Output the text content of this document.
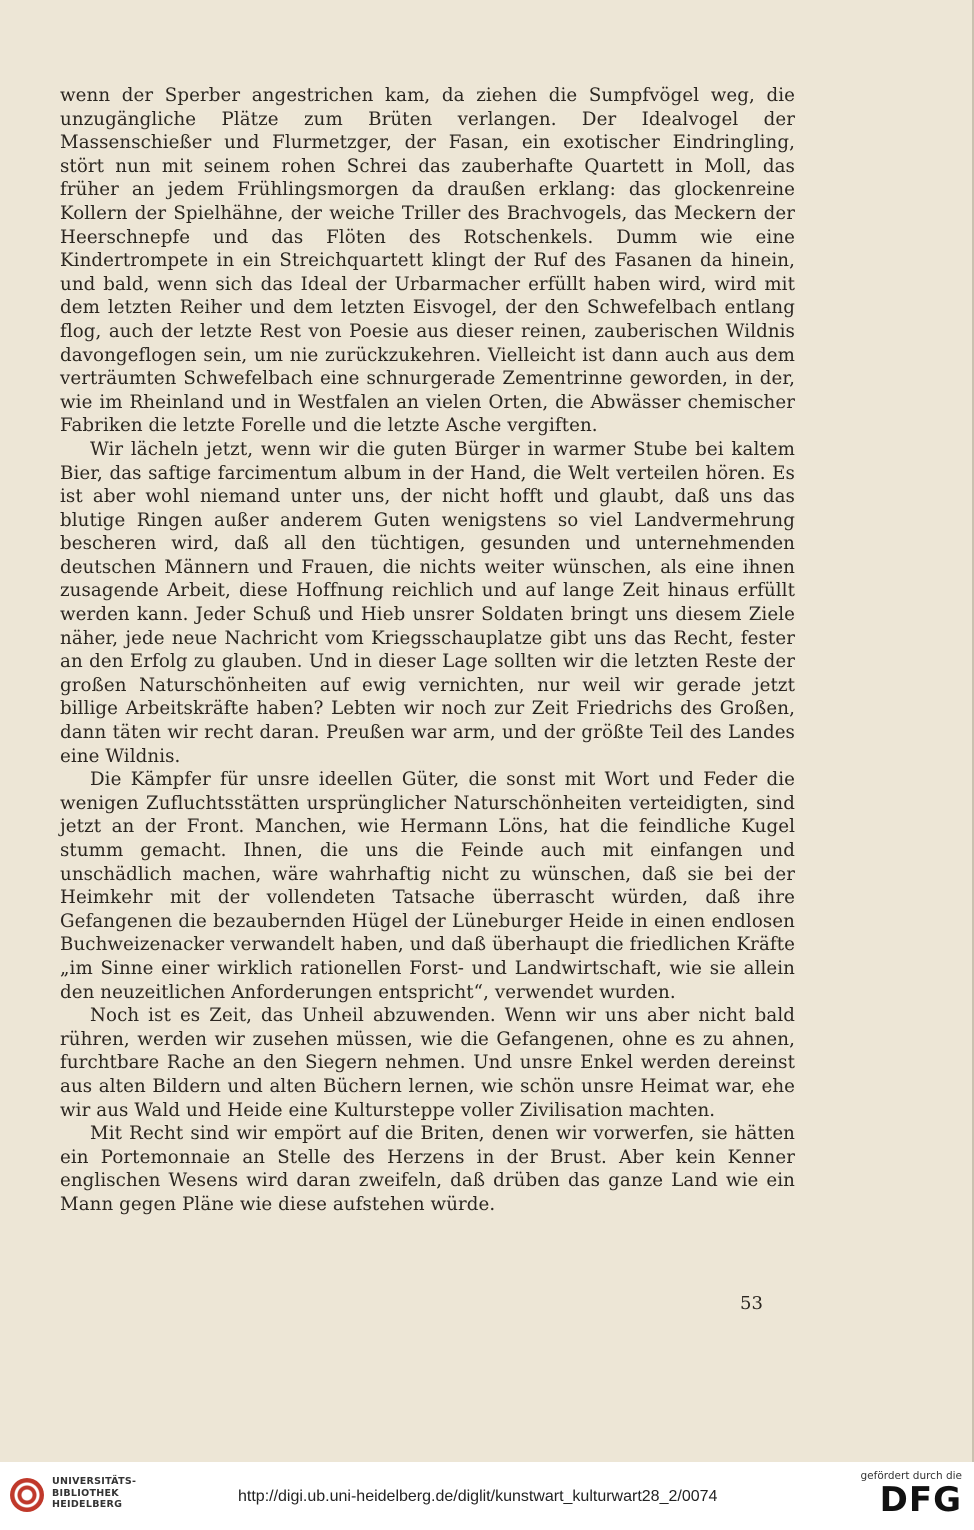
wenn der Sperber angestrichen kam, da ziehen die Sumpfvögel weg, die unzugängliche Plätze zum Brüten verlangen. Der Idealvogel der Massenschießer und Flurmetzger, der Fasan, ein exotischer Eindringling, stört nun mit seinem rohen Schrei das zauberhafte Quartett in Moll, das früher an jedem Frühlingsmorgen da draußen erklang: das glockenreine Kollern der Spielhähne, der weiche Triller des Brachvogels, das Meckern der Heerschnepfe und das Flöten des Rotschenkels. Dumm wie eine Kindertrompete in ein Streichquartett klingt der Ruf des Fasanen da hinein, und bald, wenn sich das Ideal der Urbarmacher erfüllt haben wird, wird mit dem letzten Reiher und dem letzten Eisvogel, der den Schwefelbach entlang flog, auch der letzte Rest von Poesie aus dieser reinen, zauberischen Wildnis davongeflogen sein, um nie zurückzukehren. Vielleicht ist dann auch aus dem verträumten Schwefelbach eine schnurgerade Zementrinne geworden, in der, wie im Rheinland und in Westfalen an vielen Orten, die Abwässer chemischer Fabriken die letzte Forelle und die letzte Asche vergiften.

Wir lächeln jetzt, wenn wir die guten Bürger in warmer Stube bei kaltem Bier, das saftige farcimentum album in der Hand, die Welt verteilen hören. Es ist aber wohl niemand unter uns, der nicht hofft und glaubt, daß uns das blutige Ringen außer anderem Guten wenigstens so viel Landvermehrung bescheren wird, daß all den tüchtigen, gesunden und unternehmenden deutschen Männern und Frauen, die nichts weiter wünschen, als eine ihnen zusagende Arbeit, diese Hoffnung reichlich und auf lange Zeit hinaus erfüllt werden kann. Jeder Schuß und Hieb unsrer Soldaten bringt uns diesem Ziele näher, jede neue Nachricht vom Kriegsschauplatze gibt uns das Recht, fester an den Erfolg zu glauben. Und in dieser Lage sollten wir die letzten Reste der großen Naturschönheiten auf ewig vernichten, nur weil wir gerade jetzt billige Arbeitskräfte haben? Lebten wir noch zur Zeit Friedrichs des Großen, dann täten wir recht daran. Preußen war arm, und der größte Teil des Landes eine Wildnis.

Die Kämpfer für unsre ideellen Güter, die sonst mit Wort und Feder die wenigen Zufluchtsstätten ursprünglicher Naturschönheiten verteidigten, sind jetzt an der Front. Manchen, wie Hermann Löns, hat die feindliche Kugel stumm gemacht. Ihnen, die uns die Feinde auch mit einfangen und unschädlich machen, wäre wahrhaftig nicht zu wünschen, daß sie bei der Heimkehr mit der vollendeten Tatsache überrascht würden, daß ihre Gefangenen die bezaubernden Hügel der Lüneburger Heide in einen endlosen Buchweizenacker verwandelt haben, und daß überhaupt die friedlichen Kräfte „im Sinne einer wirklich rationellen Forst- und Landwirtschaft, wie sie allein den neuzeitlichen Anforderungen entspricht“, verwendet wurden.

Noch ist es Zeit, das Unheil abzuwenden. Wenn wir uns aber nicht bald rühren, werden wir zusehen müssen, wie die Gefangenen, ohne es zu ahnen, furchtbare Rache an den Siegern nehmen. Und unsre Enkel werden dereinst aus alten Bildern und alten Büchern lernen, wie schön unsre Heimat war, ehe wir aus Wald und Heide eine Kultursteppe voller Zivilisation machten.

Mit Recht sind wir empört auf die Briten, denen wir vorwerfen, sie hätten ein Portemonnaie an Stelle des Herzens in der Brust. Aber kein Kenner englischen Wesens wird daran zweifeln, daß drüben das ganze Land wie ein Mann gegen Pläne wie diese aufstehen würde.

53
UNIVERSITÄTS-
BIBLIOTHEK
HEIDELBERG	http://digi.ub.uni-heidelberg.de/diglit/kunstwart_kulturwart28_2/0074
gefördert durch die
DFG
